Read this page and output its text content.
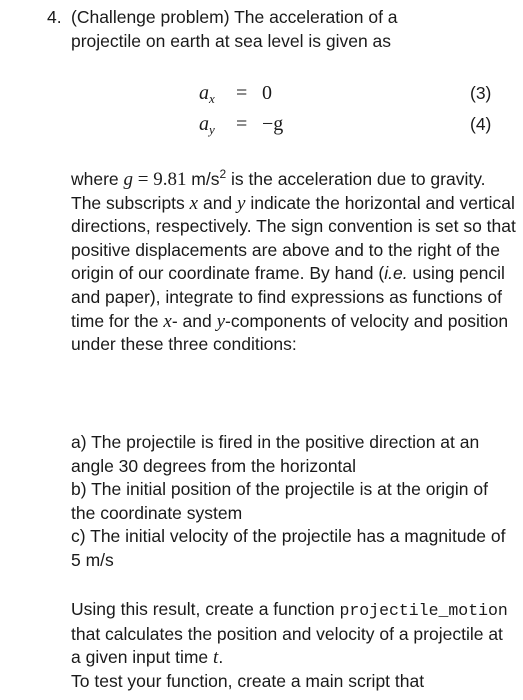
4. (Challenge problem) The acceleration of a
projectile on earth at sea level is given as
$a_x = 0$	(3)
$a_y = -g$	(4)

where g = 9.81 $m/s^2$ is the acceleration due to gravity. The subscripts x and y indicate the horizontal and vertical directions, respectively. The sign convention is set so that positive displacements are above and to the right of the origin of our coordinate frame. By hand (i.e. using pencil and paper), integrate to find expressions as functions of time for the x- and y-components of velocity and position under these three conditions:

a) The projectile is fired in the positive direction at an angle 30 degrees from the horizontal
b) The initial position of the projectile is at the origin of the coordinate system
c) The initial velocity of the projectile has a magnitude of 5 m/s

Using this result, create a function projectile_motion that calculates the position and velocity of a projectile at a given input time t.
To test your function, create a main script that
